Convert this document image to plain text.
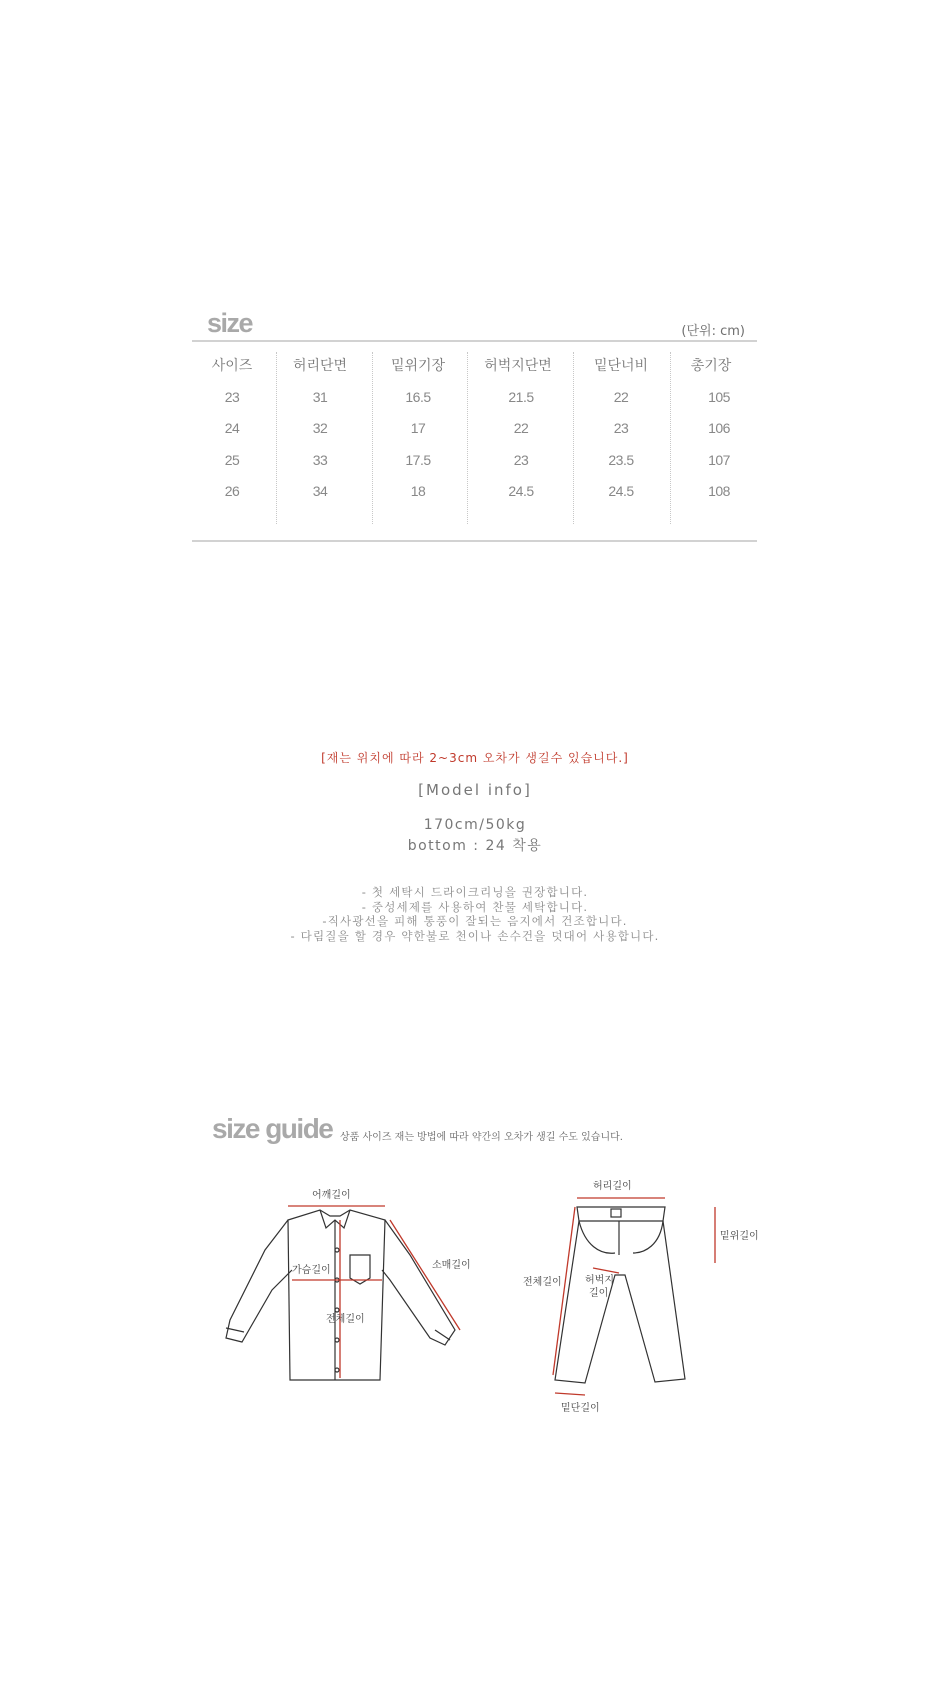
size	(단위: cm)
사이즈	허리단면	밑위기장	허벅지단면	밑단너비	총기장
23	31	16.5	21.5	22	105
24	32	17	22	23	106
25	33	17.5	23	23.5	107
26	34	18	24.5	24.5	108
[재는 위치에 따라 2~3cm 오차가 생길수 있습니다.]
[Model info]
170cm/50kg
bottom : 24 착용
- 첫 세탁시 드라이크리닝을 권장합니다.
- 중성세제를 사용하여 찬물 세탁합니다.
-직사광선을 피해 통풍이 잘되는 음지에서 건조합니다.
- 다림질을 할 경우 약한불로 천이나 손수건을 덧대어 사용합니다.
size guide 상품 사이즈 재는 방법에 따라 약간의 오차가 생길 수도 있습니다.
어깨길이
가슴길이	소매길이
전체길이
허리길이
밑위길이
전체길이 허벅지
길이
밑단길이
